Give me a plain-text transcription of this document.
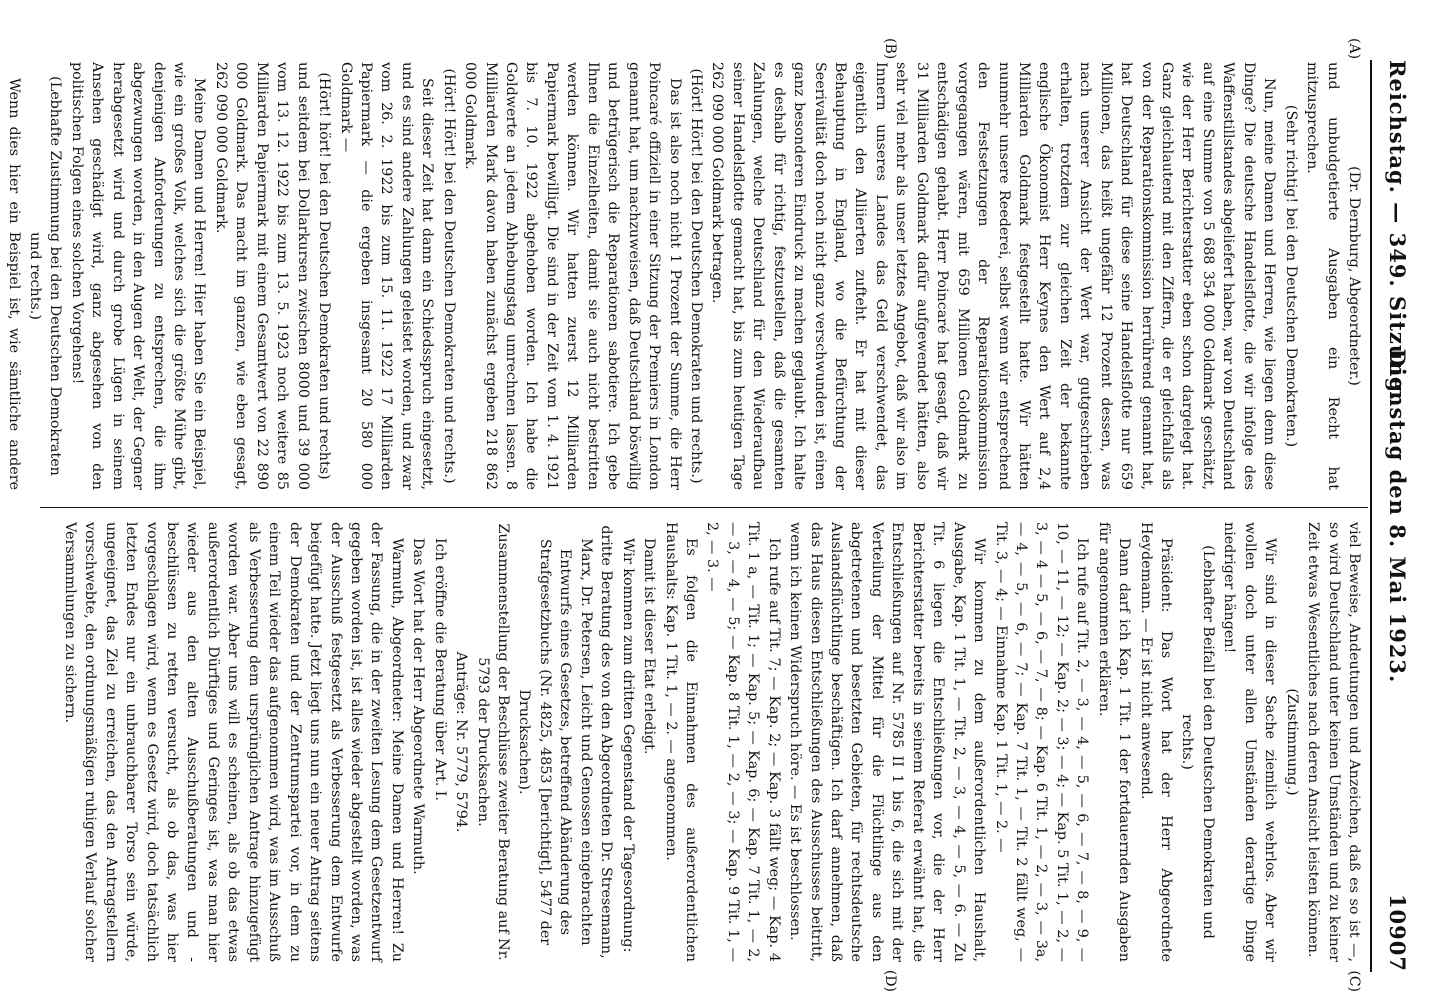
Reichstag. — 349. Sitzung.
Dienstag den 8. Mai 1923.
10907
(A)
(B)
(C)
(D)

(Dr. Dernburg, Abgeordneter.)

und unbudgetierte Ausgaben ein Recht hat mitzusprechen.

(Sehr richtig! bei den Deutschen Demokraten.)

Nun, meine Damen und Herren, wie liegen denn diese Dinge? Die deutsche Handelsflotte, die wir infolge des Waffenstillstandes abgeliefert haben, war von Deutschland auf eine Summe von 5 688 354 000 Goldmark geschätzt, wie der Herr Berichterstatter eben schon dargelegt hat. Ganz gleichlautend mit den Ziffern, die er gleichfalls als von der Reparationskommission herrührend genannt hat, hat Deutschland für diese seine Handelsflotte nur 659 Millionen, das heißt ungefähr 12 Prozent dessen, was nach unserer Ansicht der Wert war, gutgeschrieben erhalten, trotzdem zur gleichen Zeit der bekannte englische Ökonomist Herr Keynes den Wert auf 2,4 Milliarden Goldmark festgestellt hatte. Wir hätten nunmehr unsere Reederei, selbst wenn wir entsprechend den Festsetzungen der Reparationskommission vorgegangen wären, mit 659 Millionen Goldmark zu entschädigen gehabt. Herr Poincaré hat gesagt, daß wir 31 Milliarden Goldmark dafür aufgewendet hätten, also sehr viel mehr als unser letztes Angebot, daß wir also im Innern unseres Landes das Geld verschwendet, das eigentlich den Alliierten zufteht. Er hat mit dieser Behauptung in England, wo die Befürchtung der Seerivalität doch noch nicht ganz verschwunden ist, einen ganz besonderen Eindruck zu machen geglaubt. Ich halte es deshalb für richtig, festzustellen, daß die gesamten Zahlungen, welche Deutschland für den Wiederaufbau seiner Handelsflotte gemacht hat, bis zum heutigen Tage 262 090 000 Goldmark betragen.

(Hört! Hört! bei den Deutschen Demokraten und rechts.)

Das ist also noch nicht 1 Prozent der Summe, die Herr Poincaré offiziell in einer Sitzung der Premiers in London genannt hat, um nachzuweisen, daß Deutschland böswillig und betrügerisch die Reparationen sabotiere. Ich gebe Ihnen die Einzelheiten, damit sie auch nicht bestritten werden können. Wir hatten zuerst 12 Milliarden Papiermark bewilligt. Die sind in der Zeit vom 1. 4. 1921 bis 7. 10. 1922 abgehoben worden. Ich habe die Goldwerte an jedem Abhebungstag umrechnen lassen. 8 Milliarden Mark davon haben zunächst ergeben 218 862 000 Goldmark.

(Hört! Hört! bei den Deutschen Demokraten und rechts.)

Seit dieser Zeit hat dann ein Schiedsspruch eingesetzt, und es sind andere Zahlungen geleistet worden, und zwar vom 26. 2. 1922 bis zum 15. 11. 1922 17 Milliarden Papiermark — die ergeben insgesamt 20 580 000 Goldmark —

(Hört! hört! bei den Deutschen Demokraten und rechts)

und seitdem bei Dollarkursen zwischen 8000 und 39 000 vom 13. 12. 1922 bis zum 13. 5. 1923 noch weitere 85 Milliarden Papiermark mit einem Gesamtwert von 22 890 000 Goldmark. Das macht im ganzen, wie eben gesagt, 262 090 000 Goldmark.

Meine Damen und Herren! Hier haben Sie ein Beispiel, wie ein großes Volk, welches sich die größte Mühe gibt, denjenigen Anforderungen zu entsprechen, die ihm abgezwungen worden, in den Augen der Welt, der Gegner herabgesetzt wird und durch grobe Lügen in seinem Ansehen geschädigt wird, ganz abgesehen von den politischen Folgen eines solchen Vorgehens!

(Lebhafte Zustimmung bei den Deutschen Demokraten und rechts.)

Wenn dies hier ein Beispiel ist, wie sämtliche andere

viel Beweise, Andeutungen und Anzeichen, daß es so ist —, so wird Deutschland unter keinen Umständen und zu keiner Zeit etwas Wesentliches nach deren Ansicht leisten können.

(Zustimmung.)

Wir sind in dieser Sache ziemlich wehrlos. Aber wir wollen doch unter allen Umständen derartige Dinge niedriger hängen!

(Lebhafter Beifall bei den Deutschen Demokraten und rechts.)

Präsident: Das Wort hat der Herr Abgeordnete Heydemann. — Er ist nicht anwesend.

Dann darf ich Kap. 1 Tit. 1 der fortdauernden Ausgaben für angenommen erklären.

Ich rufe auf Tit. 2, — 3, — 4, — 5, — 6, — 7, — 8, — 9, — 10, — 11, — 12; — Kap. 2; — 3; — 4; — Kap. 5 Tit. 1, — 2, — 3, — 4 — 5, — 6, — 7, — 8; — Kap. 6 Tit. 1, — 2, — 3, — 3a, — 4, — 5, — 6, — 7; — Kap. 7 Tit. 1, — Tit. 2 fällt weg, — Tit. 3, — 4; — Einnahme Kap. 1 Tit. 1, — 2. —

Wir kommen zu dem außerordentlichen Haushalt, Ausgabe, Kap. 1 Tit. 1, — Tit. 2, — 3, — 4, — 5, — 6. — Zu Tit. 6 liegen die Entschließungen vor, die der Herr Berichterstatter bereits in seinem Referat erwähnt hat, die Entschließungen auf Nr. 5785 II 1 bis 6, die sich mit der Verteilung der Mittel für die Flüchtlinge aus den abgetretenen und besetzten Gebieten, für rechtsdeutsche Auslandsflüchtlinge beschäftigen. Ich darf annehmen, daß das Haus diesen Entschließungen des Ausschusses beitritt, wenn ich keinen Widerspruch höre. — Es ist beschlossen.

Ich rufe auf Tit. 7; — Kap. 2; — Kap. 3 fällt weg; — Kap. 4 Tit. 1 a, — Tit. 1; — Kap. 5; — Kap. 6; — Kap. 7 Tit. 1, — 2, — 3, — 4, — 5; — Kap. 8 Tit. 1, — 2, — 3; — Kap. 9 Tit. 1, — 2, — 3. —

Es folgen die Einnahmen des außerordentlichen Haushalts: Kap. 1 Tit. 1, — 2. — angenommen.

Damit ist dieser Etat erledigt.

Wir kommen zum dritten Gegenstand der Tagesordnung:

dritte Beratung des von den Abgeordneten Dr. Stresemann, Marx, Dr. Petersen, Leicht und Genossen eingebrachten Entwurfs eines Gesetzes, betreffend Abänderung des Strafgesetzbuchs (Nr. 4825, 4853 [berichtigt], 5477 der Drucksachen).

Zusammenstellung der Beschlüsse zweiter Beratung auf Nr. 5793 der Drucksachen.

Anträge: Nr. 5779, 5794.

Ich eröffne die Beratung über Art. I.

Das Wort hat der Herr Abgeordnete Warmuth.

Warmuth, Abgeordneter: Meine Damen und Herren! Zu der Fassung, die in der zweiten Lesung dem Gesetzentwurf gegeben worden ist, ist alles wieder abgestellt worden, was der Ausschuß festgesetzt als Verbesserung dem Entwurfe beigefügt hatte. Jetzt liegt uns nun ein neuer Antrag seitens der Demokraten und der Zentrumspartei vor, in dem zu einem Teil wieder das aufgenommen wird, was im Ausschuß als Verbesserung dem ursprünglichen Antrage hinzugefügt worden war. Aber uns will es scheinen, als ob das etwas außerordentlich Dürftiges und Geringes ist, was man hier wieder aus den alten Ausschußberatungen und -beschlüssen zu retten versucht, als ob das, was hier vorgeschlagen wird, wenn es Gesetz wird, doch tatsächlich letzten Endes nur ein unbrauchbarer Torso sein würde, ungeeignet, das Ziel zu erreichen, das den Antragstellern vorschwebte, den ordnungsmäßigen ruhigen Verlauf solcher Versammlungen zu sichern.
